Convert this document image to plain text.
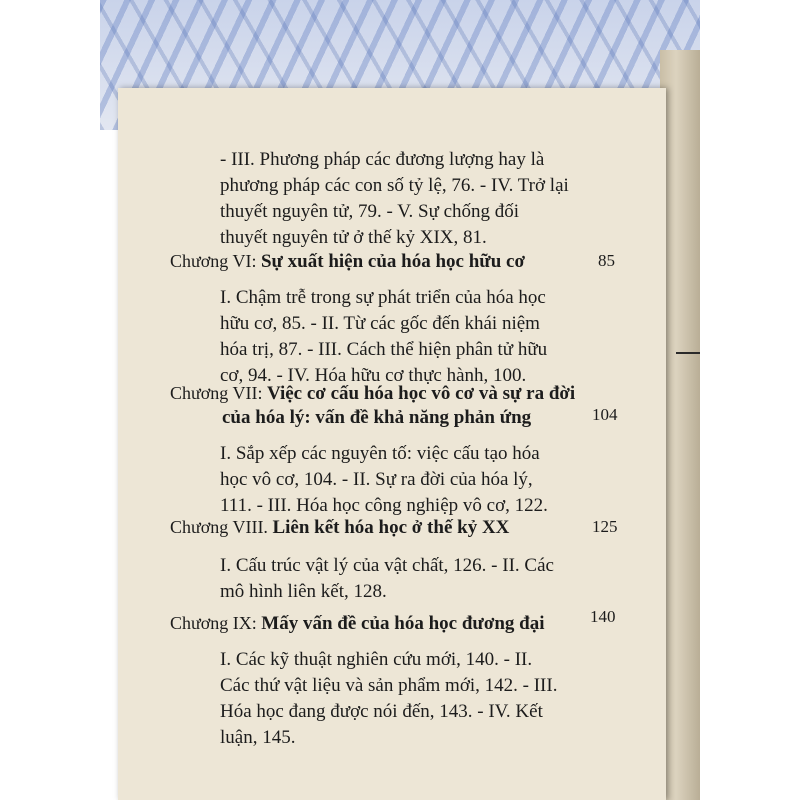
- III. Phương pháp các đương lượng hay là
phương pháp các con số tỷ lệ, 76. - IV. Trở lại
thuyết nguyên tử, 79. - V. Sự chống đối
thuyết nguyên tử ở thế kỷ XIX, 81.
Chương VI: Sự xuất hiện của hóa học hữu cơ	85
I. Chậm trễ trong sự phát triển của hóa học
hữu cơ, 85. - II. Từ các gốc đến khái niệm
hóa trị, 87. - III. Cách thể hiện phân tử hữu
cơ, 94. - IV. Hóa hữu cơ thực hành, 100.
Chương VII: Việc cơ cấu hóa học vô cơ và sự ra đời
của hóa lý: vấn đề khả năng phản ứng	104
I. Sắp xếp các nguyên tố: việc cấu tạo hóa
học vô cơ, 104. - II. Sự ra đời của hóa lý,
111. - III. Hóa học công nghiệp vô cơ, 122.
Chương VIII. Liên kết hóa học ở thế kỷ XX	125
I. Cấu trúc vật lý của vật chất, 126. - II. Các
mô hình liên kết, 128.
Chương IX: Mấy vấn đề của hóa học đương đại	140
I. Các kỹ thuật nghiên cứu mới, 140. - II.
Các thứ vật liệu và sản phẩm mới, 142. - III.
Hóa học đang được nói đến, 143. - IV. Kết
luận, 145.
